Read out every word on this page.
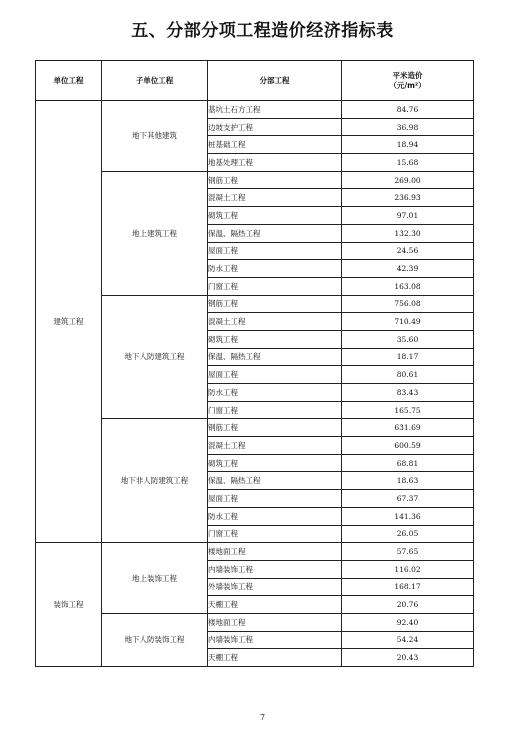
五、分部分项工程造价经济指标表
单位工程	子单位工程	分部工程	平米造价
（元/m²）

建筑工程	地下其他建筑	基坑土石方工程	84.76
		边坡支护工程	36.98
		桩基础工程	18.94
		地基处理工程	15.68
	地上建筑工程	钢筋工程	269.00
		混凝土工程	236.93
		砌筑工程	97.01
		保温、隔热工程	132.30
		屋面工程	24.56
		防水工程	42.39
		门窗工程	163.08
	地下人防建筑工程	钢筋工程	756.08
		混凝土工程	710.49
		砌筑工程	35.60
		保温、隔热工程	18.17
		屋面工程	80.61
		防水工程	83.43
		门窗工程	165.75
	地下非人防建筑工程	钢筋工程	631.69
		混凝土工程	600.59
		砌筑工程	68.81
		保温、隔热工程	18.63
		屋面工程	67.37
		防水工程	141.36
		门窗工程	26.05
装饰工程	地上装饰工程	楼地面工程	57.65
		内墙装饰工程	116.02
		外墙装饰工程	168.17
		天棚工程	20.76
	地下人防装饰工程	楼地面工程	92.40
		内墙装饰工程	54.24
		天棚工程	20.43
7
